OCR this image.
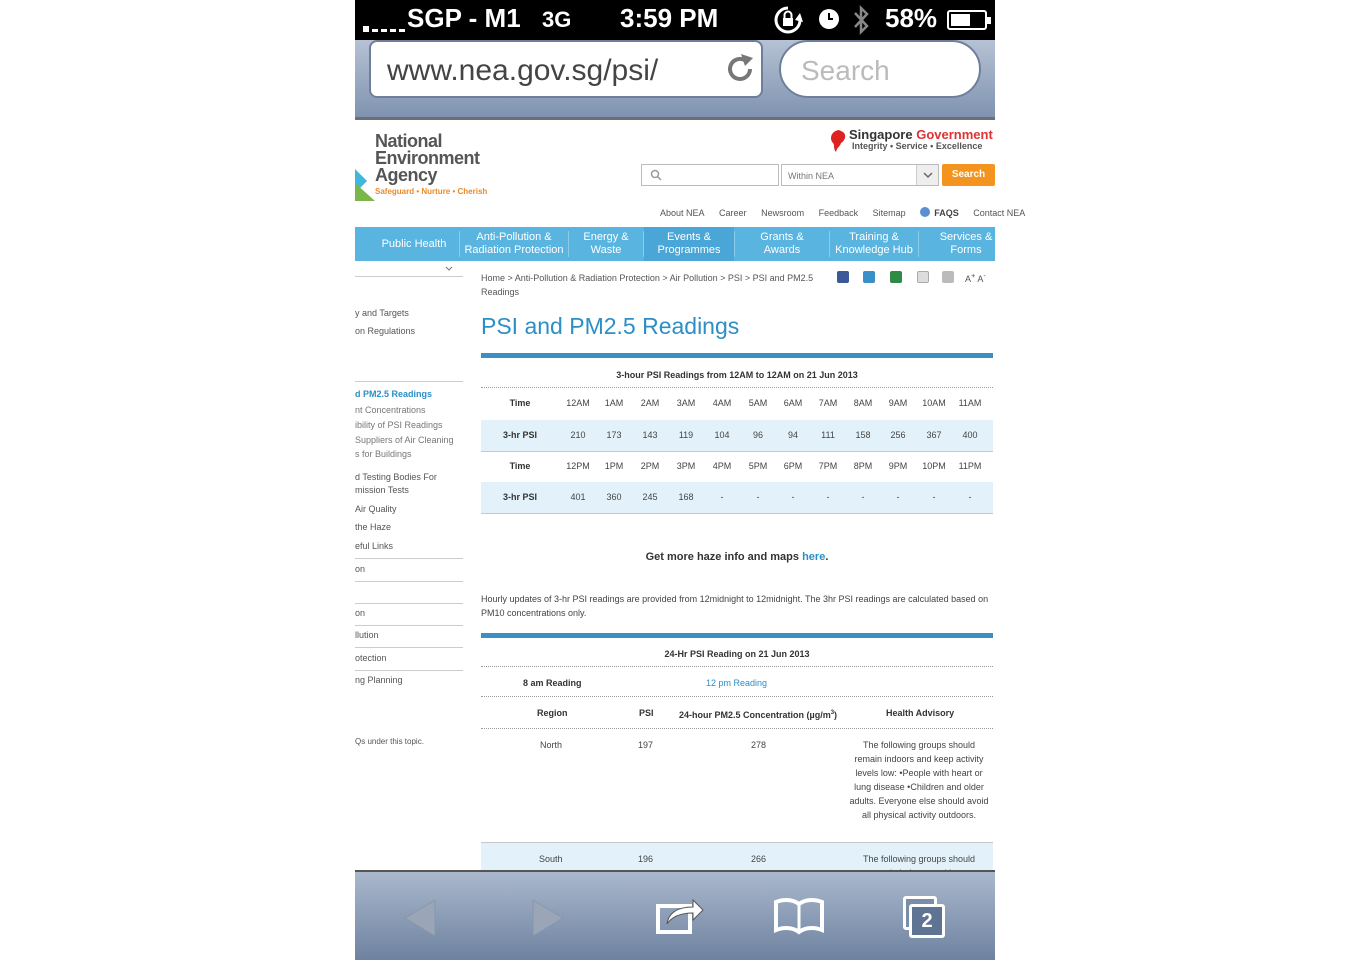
SGP - M1 3G 3:59 PM	58%
www.nea.gov.sg/psi/	Search
National
Environment
Agency
Safeguard • Nurture • Cherish
Singapore Government
Integrity • Service • Excellence
Within NEA	Search
About NEA Career Newsroom Feedback Sitemap	FAQS Contact NEA
Public Health
Anti-Pollution &
Radiation Protection
Energy &
Waste
Events &
Programmes
Grants &
Awards
Training &
Knowledge Hub
Services &
Forms
y and Targets
on Regulations
d PM2.5 Readings
nt Concentrations
ibility of PSI Readings
Suppliers of Air Cleaning
s for Buildings
d Testing Bodies For
mission Tests
Air Quality
the Haze
eful Links
on
on
llution
otection
ng Planning
Qs under this topic.
Home > Anti-Pollution & Radiation Protection > Air Pollution > PSI > PSI and PM2.5
Readings
A+ A-
PSI and PM2.5 Readings
3-hour PSI Readings from 12AM to 12AM on 21 Jun 2013
Time	12AM	1AM	2AM	3AM	4AM	5AM	6AM	7AM	8AM	9AM	10AM	11AM
3-hr PSI	210	173	143	119	104	96	94	111	158	256	367	400
Time	12PM	1PM	2PM	3PM	4PM	5PM	6PM	7PM	8PM	9PM	10PM	11PM
3-hr PSI	401	360	245	168	-	-	-	-	-	-	-	-
Get more haze info and maps here.
Hourly updates of 3-hr PSI readings are provided from 12midnight to 12midnight. The 3hr PSI readings are calculated based on PM10 concentrations only.
24-Hr PSI Reading on 21 Jun 2013
8 am Reading	12 pm Reading
Region	PSI	24-hour PM2.5 Concentration $(\mu g/m^3)$	Health Advisory
North	197	278	The following groups should remain indoors and keep activity levels low: •People with heart or lung disease •Children and older adults. Everyone else should avoid all physical activity outdoors.
South	196	266	The following groups should
2
